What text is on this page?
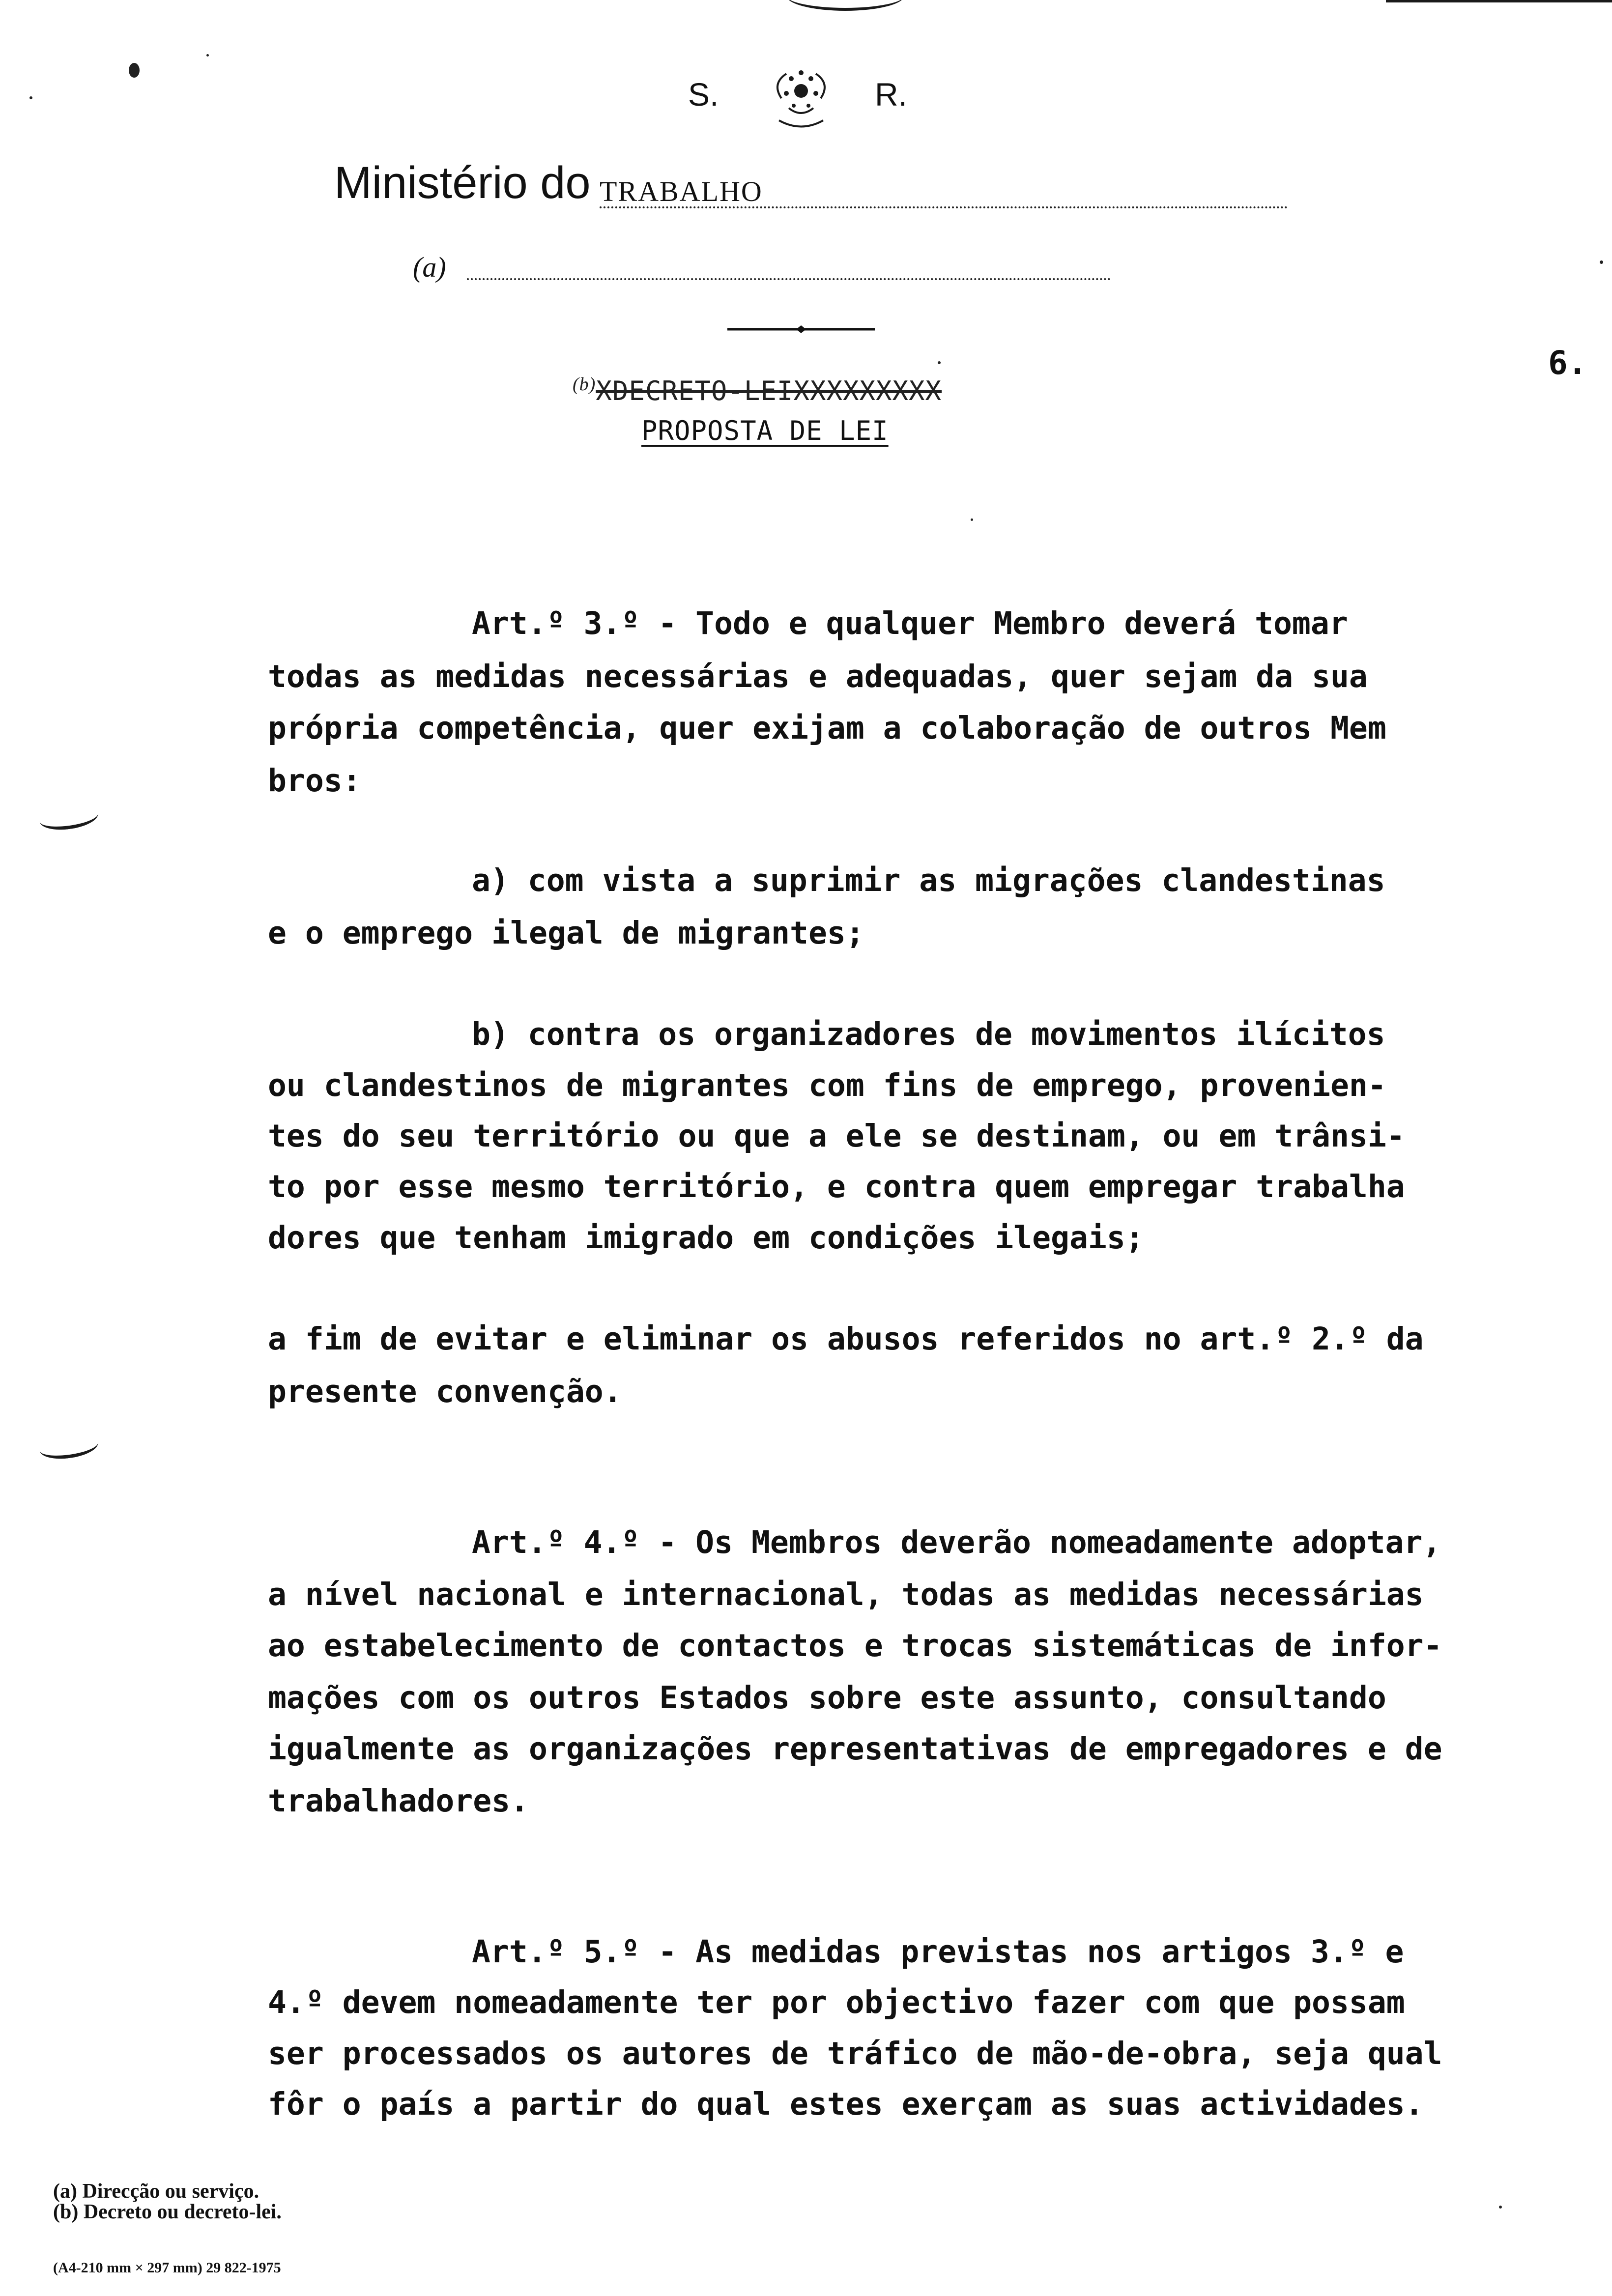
S.	R.
Ministério do TRABALHO
(a)
6.
$^{(b)}$XDECRETO-LEIXXXXXXXXX
PROPOSTA DE LEI
Art.º 3.º - Todo e qualquer Membro deverá tomar
todas as medidas necessárias e adequadas, quer sejam da sua
própria competência, quer exijam a colaboração de outros Mem
bros:
a) com vista a suprimir as migrações clandestinas
e o emprego ilegal de migrantes;
b) contra os organizadores de movimentos ilícitos
ou clandestinos de migrantes com fins de emprego, provenien-
tes do seu território ou que a ele se destinam, ou em trânsi-
to por esse mesmo território, e contra quem empregar trabalha
dores que tenham imigrado em condições ilegais;
a fim de evitar e eliminar os abusos referidos no art.º 2.º da
presente convenção.
Art.º 4.º - Os Membros deverão nomeadamente adoptar,
a nível nacional e internacional, todas as medidas necessárias
ao estabelecimento de contactos e trocas sistemáticas de infor-
mações com os outros Estados sobre este assunto, consultando
igualmente as organizações representativas de empregadores e de
trabalhadores.
Art.º 5.º - As medidas previstas nos artigos 3.º e
4.º devem nomeadamente ter por objectivo fazer com que possam
ser processados os autores de tráfico de mão-de-obra, seja qual
fôr o país a partir do qual estes exerçam as suas actividades.
(a) Direcção ou serviço.
(b) Decreto ou decreto-lei.
(A4-210 mm × 297 mm) 29 822-1975
